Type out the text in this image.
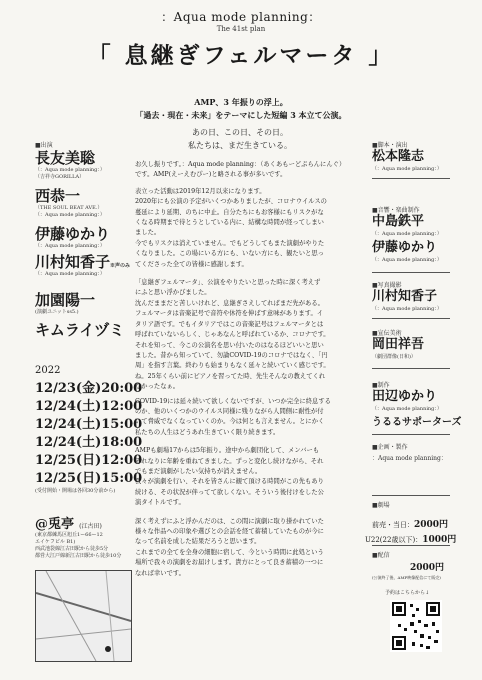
：Aqua mode planning：
The 41st plan
「 息継ぎフェルマータ 」
AMP、3 年振りの浮上。
「過去・現在・未来」をテーマにした短編 3 本立て公演。
あの日、この日、その日。
私たちは、まだ生きている。
■出演
長友美聡
（：Aqua mode planning：）
（吉祥寺GORILLA）
西恭一
（THE SOUL BEAT AVE.）
（：Aqua mode planning：）
伊藤ゆかり
（：Aqua mode planning：）
川村知香子※声のみ
（：Aqua mode planning：）
加園陽一
(演劇ユニットss5.)
キムライヅミ
2022
12/23(金)20:00
12/24(土)12:00
12/24(土)15:00
12/24(土)18:00
12/25(日)12:00
12/25(日)15:00
(受付開始・開場は各回30分前から)
@兎亭 (江古田)
(東京都練馬区旭丘1ー66ー12
エイケフビル B1)
西武池袋線江古田駅から徒歩5分
都営大江戸線新江古田駅から徒歩10分
お久し振りです。：Aqua mode planning：（あくあもーどぷらんにんぐ）
です。AMP(えーえむぴー)と略される事が多いです。
表立った活動は2019年12月以来になります。
2020年にも公演の予定がいくつかありましたが、コロナウイルスの
蔓延により延期、のちに中止。自分たちにもお客様にもリスクがな
くなる時期まで待とうとしている内に、結構な時間が経ってしまい
ました。
今でもリスクは消えていません。でもどうしてもまた演劇がやりた
くなりました。この場にいる方にも、いない方にも、観たいと思っ
てくださった全ての皆様に感謝します。
「息継ぎフェルマータ」、公演をやりたいと思った時に深く考えず
にふと思い浮かびました。
沈んだままだと苦しいけれど、息継ぎさえしてればまだ先がある。
フェルマータは音楽記号で音符や休符を伸ばす意味があります。イ
タリア語です。でもイタリアではこの音楽記号はフェルマータとは
呼ばれていないらしく、じゃあなんと呼ばれているか、コロナです。
それを知って、今この公演名を思い付いたのはなるほどいいと思い
ました。昔から知っていて、勿論COVID-19のコロナではなく、「円
周」を指す言葉。終わりも始まりもなく延々と続いていく感じです。
ね。25年くらい前にピアノを習ってた時、先生そんなの教えてくれ
なかったなぁ。
COVID-19には延々続いて欲しくないですが、いつか完全に終息する
のか、他のいくつかのウイルス同様に残りながら人間側に耐性が付
いて脅威でなくなっていくのか。今は何とも言えません。とにかく
私たちの人生はどうあれ生きていく限り続きます。
AMPも劇場17からは5年振り。途中から劇団化して、メンバーも
それなりに年齢を重ねてきました。ずっと変化し続けながら、それ
でもまだ演劇がしたい気持ちが消えません。
我々が演劇を行い、それを皆さんに観て頂ける時間がこの先もあり
続ける、その状況が伴ってて欲しくない。そういう後付けをした公
演タイトルです。
深く考えずにふと浮かんだのは、この間に演劇に取り掛かれていた
様々な作品への印象や選びとの会話を経て蓄積していたものが今に
なって名前を成した結果だろうと思います。
これまでの全てを全身の細胞に宿して、今という時間に此処という
場所で我々の演劇をお届けします。貴方にとって良き蓄積の一つに
なれば幸いです。
■脚本・演出
松本隆志
（：Aqua mode planning：）
■音響・楽曲制作
中島鉄平
（：Aqua mode planning：）
伊藤ゆかり
（：Aqua mode planning：）
■写真撮影
川村知香子
（：Aqua mode planning：）
■宣伝美術
岡田祥吾
（劇団群像(日和)）
■制作
田辺ゆかり
（：Aqua mode planning：）
うるるサポーターズ
■企画・製作
：Aqua mode planning：
■劇場
前売・当日：2000円
U22(22歳以下)：1000円
■配信
2000円
(公演終了後、AMP映像配信にて販売)
予約はこちらから↓
